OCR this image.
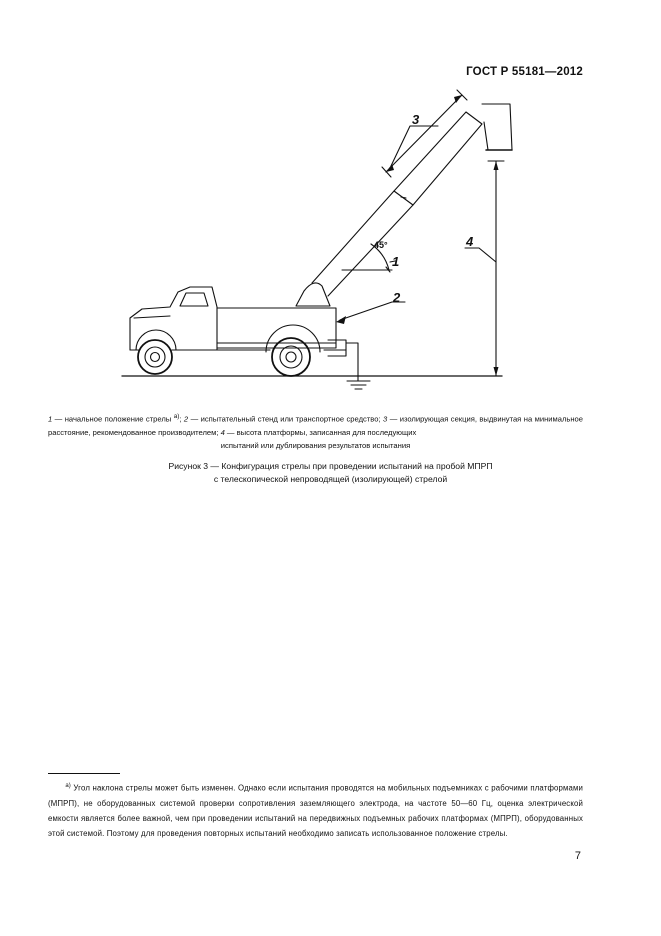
ГОСТ Р 55181—2012
3
4
2
1
45°
1 — начальное положение стрелы $^{а)}$; 2 — испытательный стенд или транспортное средство; 3 — изолирующая секция, выдвинутая на минимальное расстояние, рекомендованное производителем; 4 — высота платформы, записанная для последующих
испытаний или дублирования результатов испытания
Рисунок 3 — Конфигурация стрелы при проведении испытаний на пробой МПРП
с телескопической непроводящей (изолирующей) стрелой
$^{а)}$ Угол наклона стрелы может быть изменен. Однако если испытания проводятся на мобильных подъемниках с рабочими платформами (МПРП), не оборудованных системой проверки сопротивления заземляющего электрода, на частоте 50—60 Гц, оценка электрической емкости является более важной, чем при проведении испытаний на передвижных подъемных рабочих платформах (МПРП), оборудованных этой системой. Поэтому для проведения повторных испытаний необходимо записать использованное положение стрелы.
7
